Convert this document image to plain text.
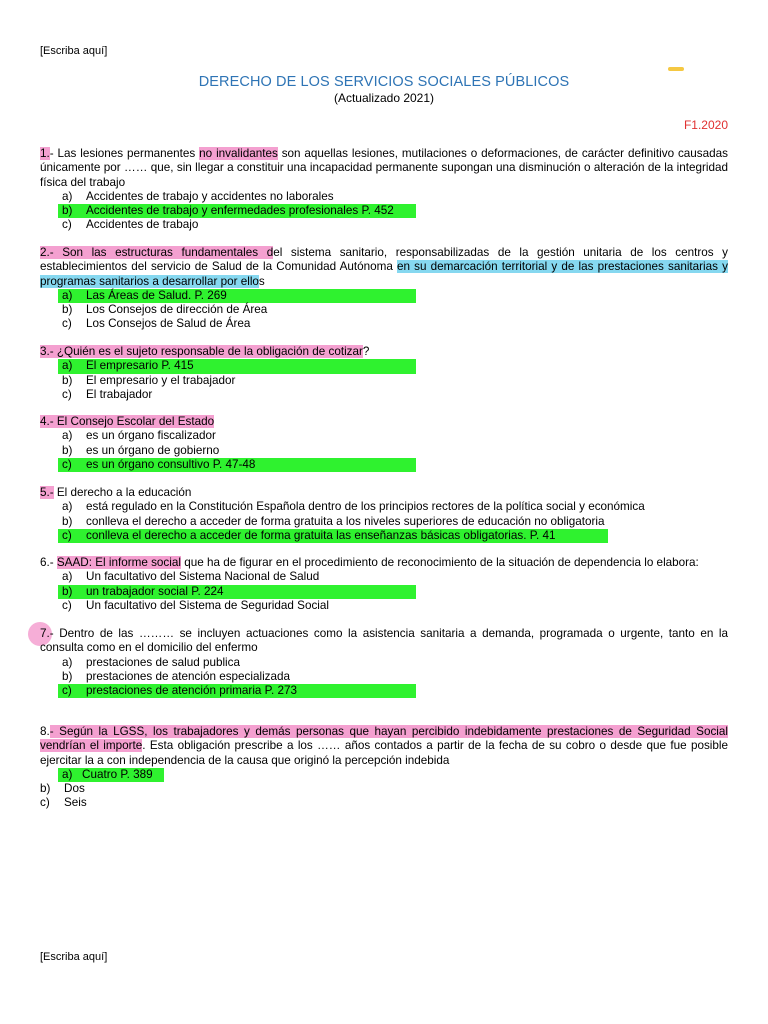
[Escriba aquí]
DERECHO DE LOS SERVICIOS SOCIALES PÚBLICOS
(Actualizado 2021)
F1.2020
1.- Las lesiones permanentes no invalidantes son aquellas lesiones, mutilaciones o deformaciones, de carácter definitivo causadas únicamente por …… que, sin llegar a constituir una incapacidad permanente supongan una disminución o alteración de la integridad física del trabajo
a) Accidentes de trabajo y accidentes no laborales
b) Accidentes de trabajo y enfermedades profesionales P. 452
c) Accidentes de trabajo
2.- Son las estructuras fundamentales del sistema sanitario, responsabilizadas de la gestión unitaria de los centros y establecimientos del servicio de Salud de la Comunidad Autónoma en su demarcación territorial y de las prestaciones sanitarias y programas sanitarios a desarrollar por ellos
a) Las Áreas de Salud. P. 269
b) Los Consejos de dirección de Área
c) Los Consejos de Salud de Área
3.- ¿Quién es el sujeto responsable de la obligación de cotizar?
a) El empresario P. 415
b) El empresario y el trabajador
c) El trabajador
4.- El Consejo Escolar del Estado
a) es un órgano fiscalizador
b) es un órgano de gobierno
c) es un órgano consultivo P. 47-48
5.- El derecho a la educación
a) está regulado en la Constitución Española dentro de los principios rectores de la política social y económica
b) conlleva el derecho a acceder de forma gratuita a los niveles superiores de educación no obligatoria
c) conlleva el derecho a acceder de forma gratuita las enseñanzas básicas obligatorias. P. 41
6.- SAAD: El informe social que ha de figurar en el procedimiento de reconocimiento de la situación de dependencia lo elabora:
a) Un facultativo del Sistema Nacional de Salud
b) un trabajador social P. 224
c) Un facultativo del Sistema de Seguridad Social
7.- Dentro de las ……… se incluyen actuaciones como la asistencia sanitaria a demanda, programada o urgente, tanto en la consulta como en el domicilio del enfermo
a) prestaciones de salud publica
b) prestaciones de atención especializada
c) prestaciones de atención primaria P. 273
8.- Según la LGSS, los trabajadores y demás personas que hayan percibido indebidamente prestaciones de Seguridad Social vendrían el importe. Esta obligación prescribe a los …… años contados a partir de la fecha de su cobro o desde que fue posible ejercitar la a con independencia de la causa que originó la percepción indebida
a) Cuatro P. 389
b) Dos
c) Seis
[Escriba aquí]
